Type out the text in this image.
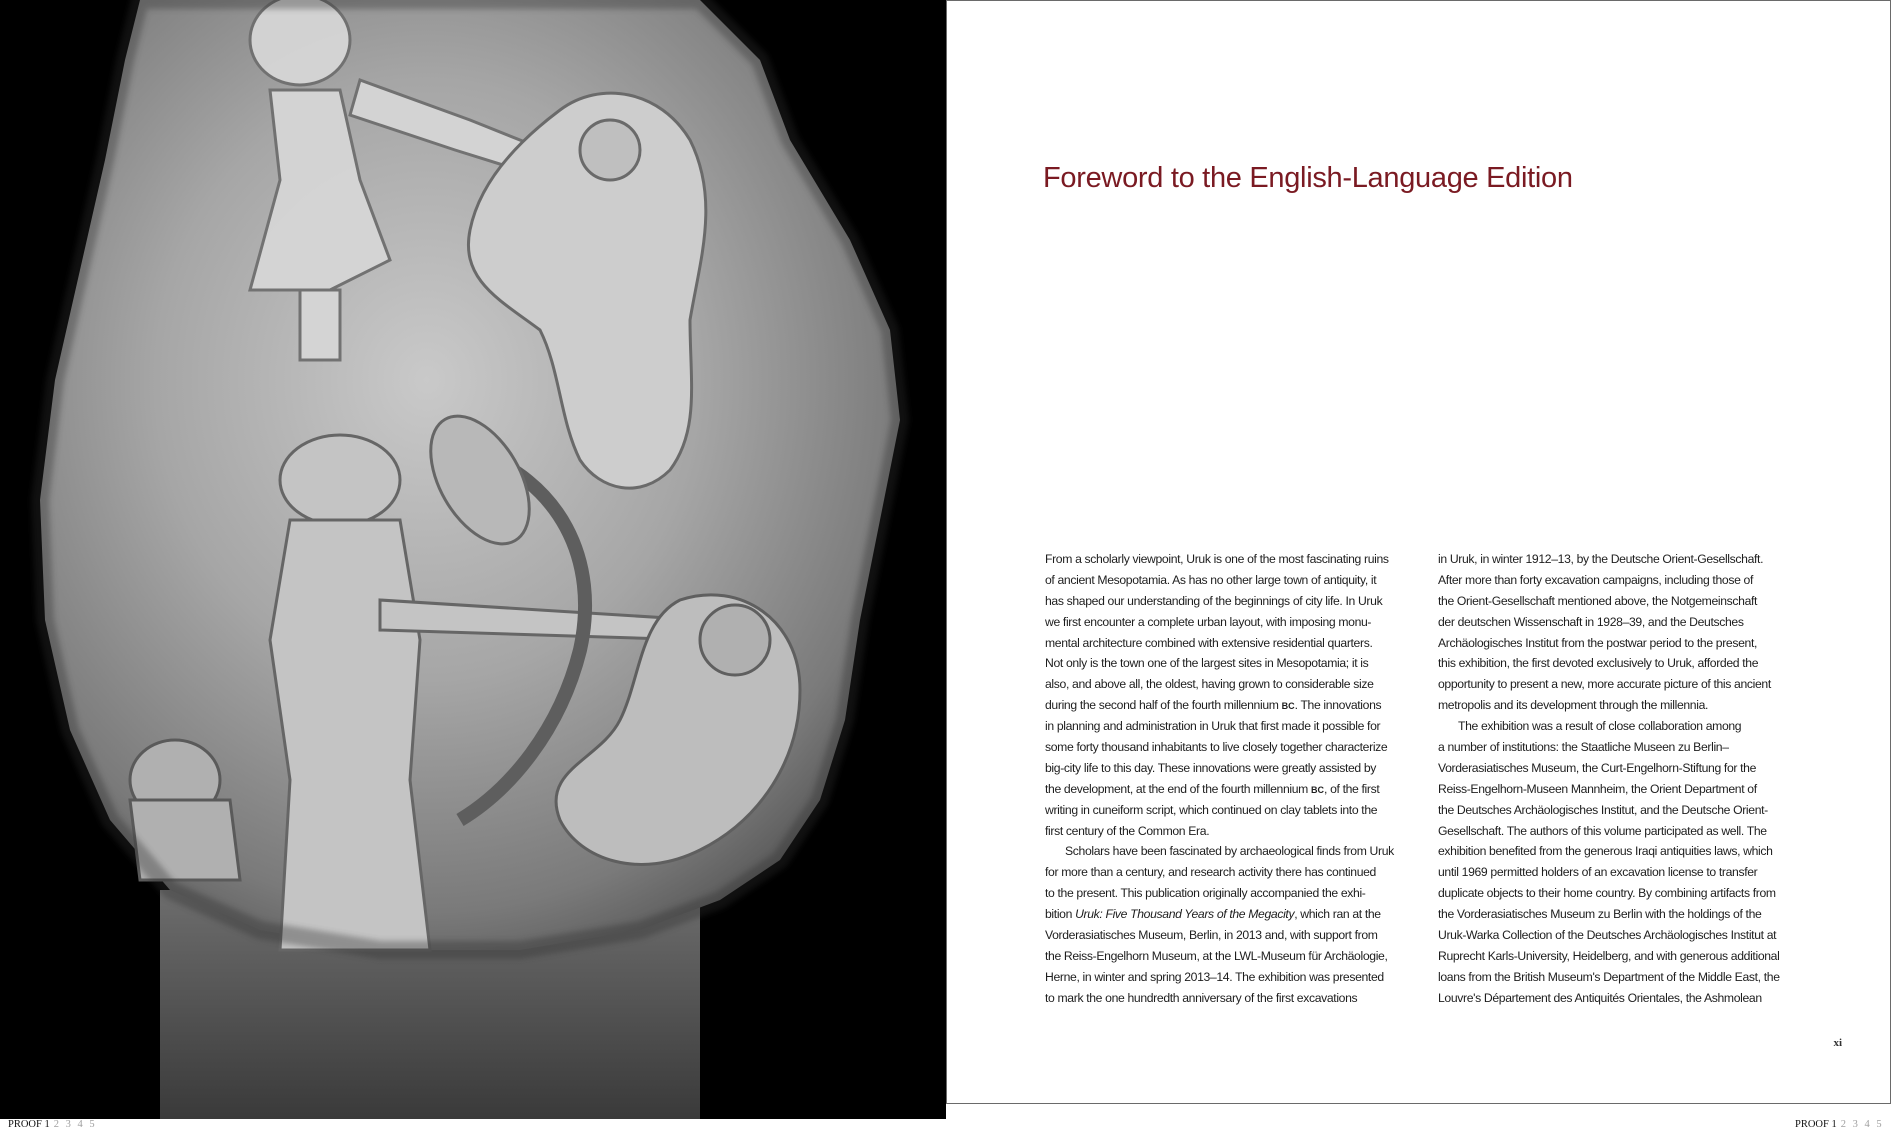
Foreword to the English-Language Edition
From a scholarly viewpoint, Uruk is one of the most fascinating ruins
of ancient Mesopotamia. As has no other large town of antiquity, it
has shaped our understanding of the beginnings of city life. In Uruk
we first encounter a complete urban layout, with imposing monu-
mental architecture combined with extensive residential quarters.
Not only is the town one of the largest sites in Mesopotamia; it is
also, and above all, the oldest, having grown to considerable size
during the second half of the fourth millennium BC. The innovations
in planning and administration in Uruk that first made it possible for
some forty thousand inhabitants to live closely together characterize
big-city life to this day. These innovations were greatly assisted by
the development, at the end of the fourth millennium BC, of the first
writing in cuneiform script, which continued on clay tablets into the
first century of the Common Era.
Scholars have been fascinated by archaeological finds from Uruk
for more than a century, and research activity there has continued
to the present. This publication originally accompanied the exhi-
bition Uruk: Five Thousand Years of the Megacity, which ran at the
Vorderasiatisches Museum, Berlin, in 2013 and, with support from
the Reiss-Engelhorn Museum, at the LWL-Museum für Archäologie,
Herne, in winter and spring 2013–14. The exhibition was presented
to mark the one hundredth anniversary of the first excavations
in Uruk, in winter 1912–13, by the Deutsche Orient-Gesellschaft.
After more than forty excavation campaigns, including those of
the Orient-Gesellschaft mentioned above, the Notgemeinschaft
der deutschen Wissenschaft in 1928–39, and the Deutsches
Archäologisches Institut from the postwar period to the present,
this exhibition, the first devoted exclusively to Uruk, afforded the
opportunity to present a new, more accurate picture of this ancient
metropolis and its development through the millennia.
The exhibition was a result of close collaboration among
a number of institutions: the Staatliche Museen zu Berlin–
Vorderasiatisches Museum, the Curt-Engelhorn-Stiftung for the
Reiss-Engelhorn-Museen Mannheim, the Orient Department of
the Deutsches Archäologisches Institut, and the Deutsche Orient-
Gesellschaft. The authors of this volume participated as well. The
exhibition benefited from the generous Iraqi antiquities laws, which
until 1969 permitted holders of an excavation license to transfer
duplicate objects to their home country. By combining artifacts from
the Vorderasiatisches Museum zu Berlin with the holdings of the
Uruk-Warka Collection of the Deutsches Archäologisches Institut at
Ruprecht Karls-University, Heidelberg, and with generous additional
loans from the British Museum's Department of the Middle East, the
Louvre's Département des Antiquités Orientales, the Ashmolean
xi
PROOF 1 2 3 4 5	PROOF 1 2 3 4 5
